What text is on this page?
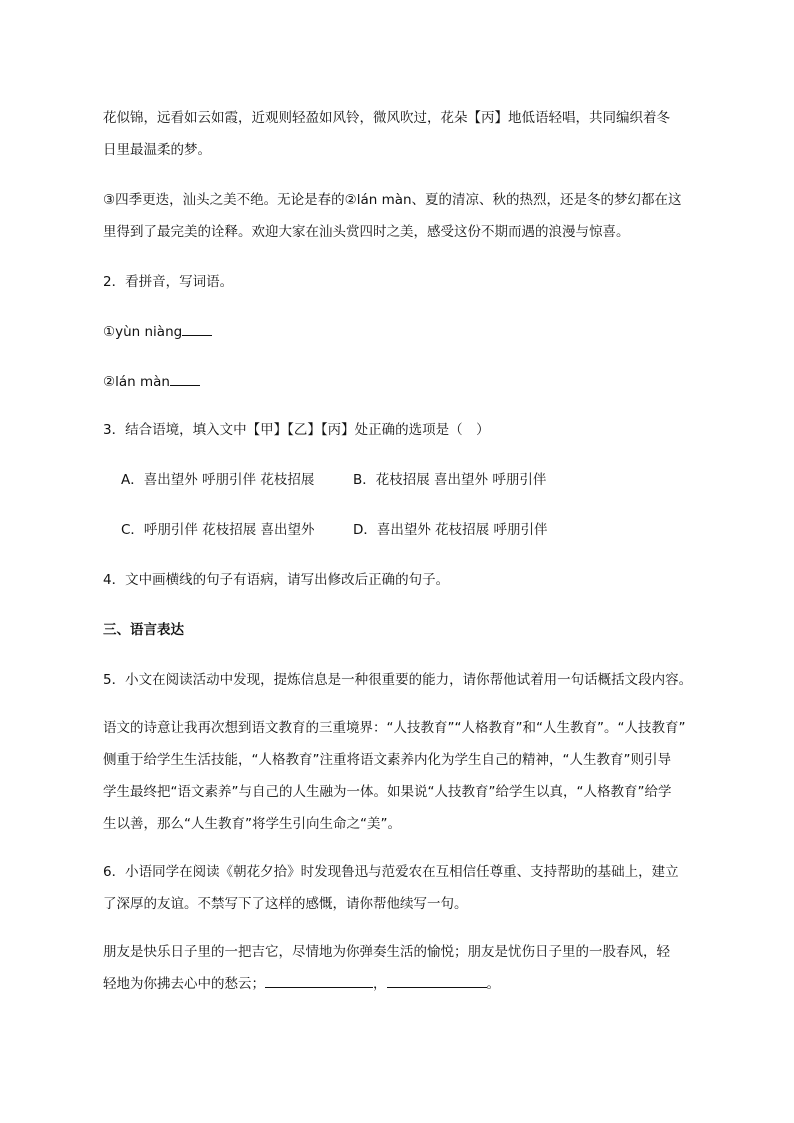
花似锦，远看如云如霞，近观则轻盈如风铃，微风吹过，花朵【丙】地低语轻唱，共同编织着冬
日里最温柔的梦。
③四季更迭，汕头之美不绝。无论是春的②lán màn、夏的清凉、秋的热烈，还是冬的梦幻都在这
里得到了最完美的诠释。欢迎大家在汕头赏四时之美，感受这份不期而遇的浪漫与惊喜。
2．看拼音，写词语。
①yùn niàng
②lán màn
3．结合语境，填入文中【甲】【乙】【丙】处正确的选项是（　）
A．喜出望外 呼朋引伴 花枝招展	B．花枝招展 喜出望外 呼朋引伴
C．呼朋引伴 花枝招展 喜出望外	D．喜出望外 花枝招展 呼朋引伴
4．文中画横线的句子有语病，请写出修改后正确的句子。
三、语言表达
5．小文在阅读活动中发现，提炼信息是一种很重要的能力，请你帮他试着用一句话概括文段内容。
语文的诗意让我再次想到语文教育的三重境界：“人技教育”“人格教育”和“人生教育”。“人技教育”
侧重于给学生生活技能，“人格教育”注重将语文素养内化为学生自己的精神，“人生教育”则引导
学生最终把“语文素养”与自己的人生融为一体。如果说“人技教育”给学生以真，“人格教育”给学
生以善，那么“人生教育”将学生引向生命之“美”。
6．小语同学在阅读《朝花夕拾》时发现鲁迅与范爱农在互相信任尊重、支持帮助的基础上，建立
了深厚的友谊。不禁写下了这样的感慨，请你帮他续写一句。
朋友是快乐日子里的一把吉它，尽情地为你弹奏生活的愉悦；朋友是忧伤日子里的一股春风，轻
轻地为你拂去心中的愁云；	，	。
